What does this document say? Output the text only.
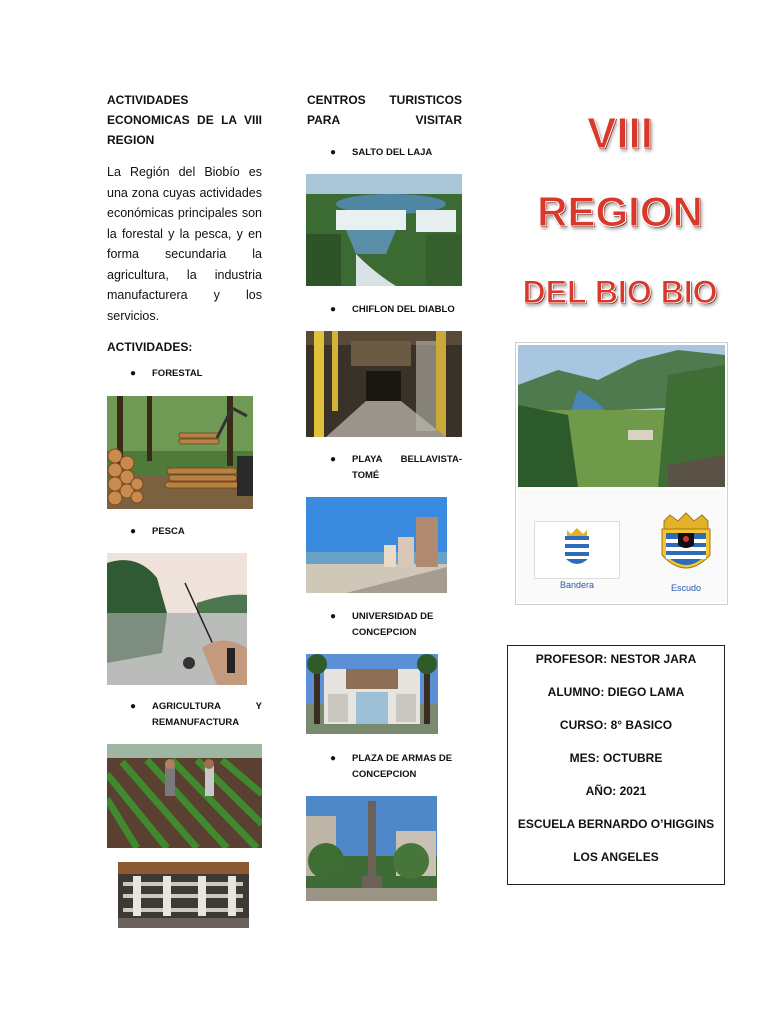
ACTIVIDADES ECONOMICAS DE LA VIII REGION
La Región del Biobío es una zona cuyas actividades económicas principales son la forestal y la pesca, y en forma secundaria la agricultura, la industria manufacturera y los servicios.
ACTIVIDADES:
● FORESTAL
● PESCA
● AGRICULTURA Y REMANUFACTURA
CENTROS TURISTICOS PARA VISITAR
● SALTO DEL LAJA
● CHIFLON DEL DIABLO
● PLAYA BELLAVISTA-TOMÉ
● UNIVERSIDAD DE CONCEPCION
● PLAZA DE ARMAS DE CONCEPCION
VIII
REGION
DEL BIO BIO
Bandera	Escudo
PROFESOR: NESTOR JARA
ALUMNO: DIEGO LAMA
CURSO: 8° BASICO
MES: OCTUBRE
AÑO: 2021
ESCUELA BERNARDO O’HIGGINS
LOS ANGELES
